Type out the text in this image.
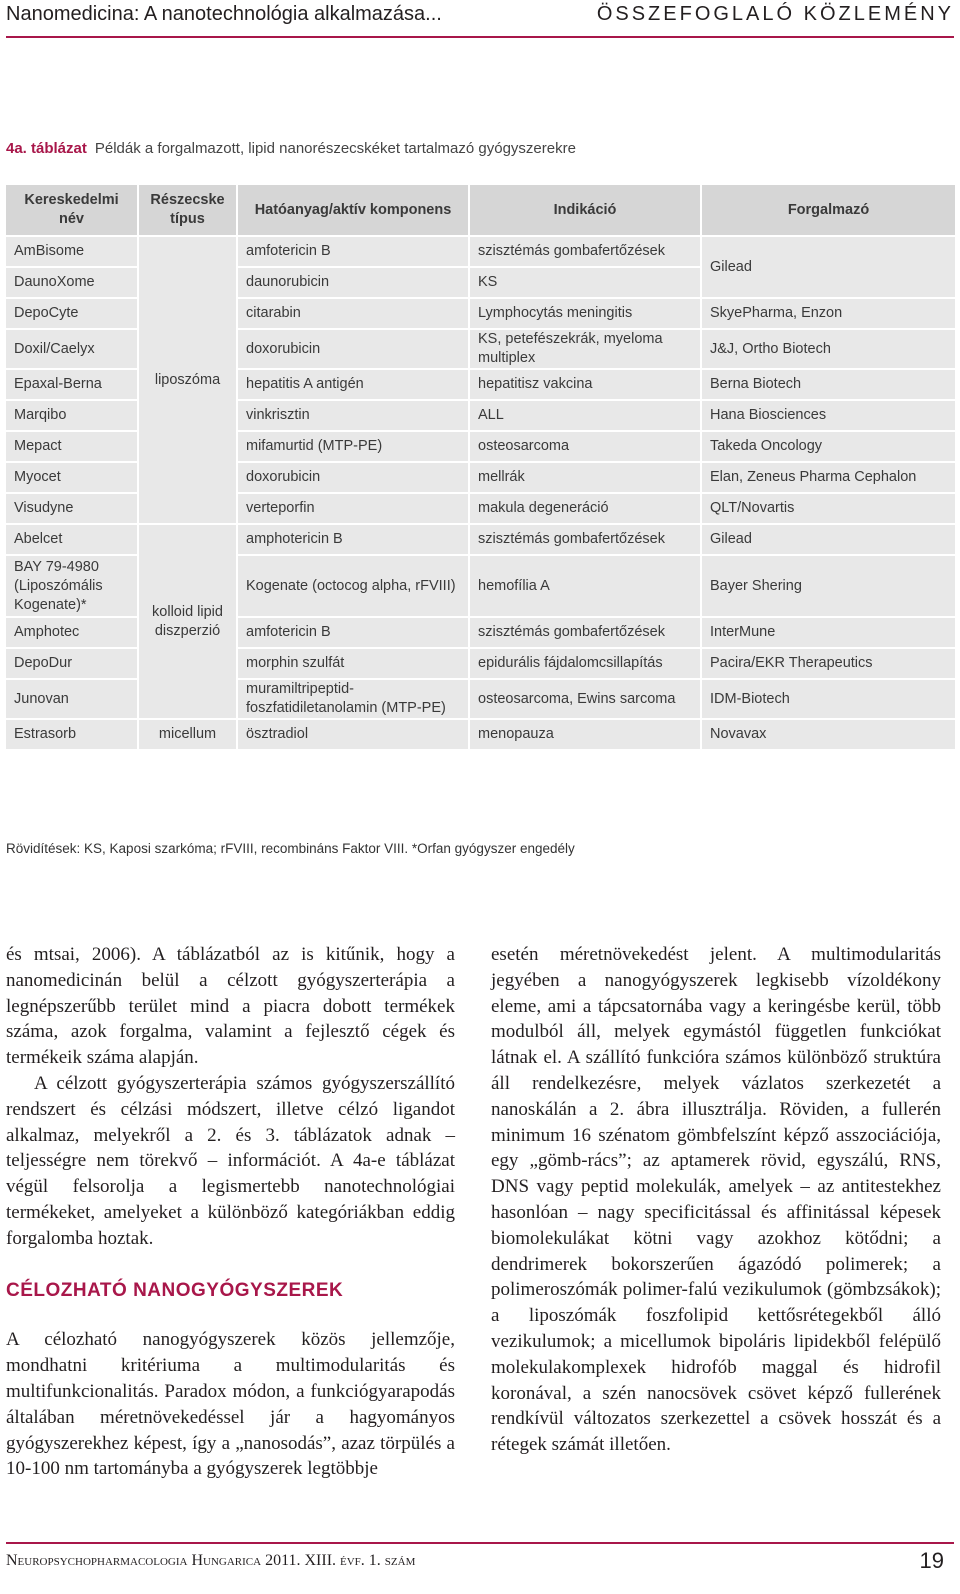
Nanomedicina: A nanotechnológia alkalmazása...	ÖSSZEFOGLALÓ KÖZLEMÉNY
4a. táblázat Példák a forgalmazott, lipid nanorészecskéket tartalmazó gyógyszerekre
Kereskedelmi név	Részecske típus	Hatóanyag/aktív komponens	Indikáció	Forgalmazó
AmBisome	liposzóma	amfotericin B	szisztémás gombafertőzések	Gilead
DaunoXome		daunorubicin	KS	
DepoCyte		citarabin	Lymphocytás meningitis	SkyePharma, Enzon
Doxil/Caelyx		doxorubicin	KS, petefészekrák, myeloma multiplex	J&J, Ortho Biotech
Epaxal-Berna		hepatitis A antigén	hepatitisz vakcina	Berna Biotech
Marqibo		vinkrisztin	ALL	Hana Biosciences
Mepact		mifamurtid (MTP-PE)	osteosarcoma	Takeda Oncology
Myocet		doxorubicin	mellrák	Elan, Zeneus Pharma Cephalon
Visudyne		verteporfin	makula degeneráció	QLT/Novartis
Abelcet	kolloid lipid diszperzió	amphotericin B	szisztémás gombafertőzések	Gilead
BAY 79-4980 (Liposzómális Kogenate)*		Kogenate (octocog alpha, rFVIII)	hemofília A	Bayer Shering
Amphotec		amfotericin B	szisztémás gombafertőzések	InterMune
DepoDur		morphin szulfát	epidurális fájdalomcsillapítás	Pacira/EKR Therapeutics
Junovan		muramiltripeptid-foszfatidiletanolamin (MTP-PE)	osteosarcoma, Ewins sarcoma	IDM-Biotech
Estrasorb	micellum	ösztradiol	menopauza	Novavax
Rövidítések: KS, Kaposi szarkóma; rFVIII, recombináns Faktor VIII. *Orfan gyógyszer engedély

és mtsai, 2006). A táblázatból az is kitűnik, hogy a nanomedicinán belül a célzott gyógyszerterápia a legnépszerűbb terület mind a piacra dobott termékek száma, azok forgalma, valamint a fejlesztő cégek és termékeik száma alapján.

A célzott gyógyszerterápia számos gyógyszerszállító rendszert és célzási módszert, illetve célzó ligandot alkalmaz, melyekről a 2. és 3. táblázatok adnak – teljességre nem törekvő – információt. A 4a-e táblázat végül felsorolja a legismertebb nanotechnológiai termékeket, amelyeket a különböző kategóriákban eddig forgalomba hoztak.

CÉLOZHATÓ NANOGYÓGYSZEREK

A célozható nanogyógyszerek közös jellemzője, mondhatni kritériuma a multimodularitás és multifunkcionalitás. Paradox módon, a funkciógyarapodás általában méretnövekedéssel jár a hagyományos gyógyszerekhez képest, így a „nanosodás”, azaz törpülés a 10-100 nm tartományba a gyógyszerek legtöbbje

esetén méretnövekedést jelent. A multimodularitás jegyében a nanogyógyszerek legkisebb vízoldékony eleme, ami a tápcsatornába vagy a keringésbe kerül, több modulból áll, melyek egymástól független funkciókat látnak el. A szállító funkcióra számos különböző struktúra áll rendelkezésre, melyek vázlatos szerkezetét a nanoskálán a 2. ábra illusztrálja. Röviden, a fullerén minimum 16 szénatom gömbfelszínt képző asszociációja, egy „gömb-rács”; az aptamerek rövid, egyszálú, RNS, DNS vagy peptid molekulák, amelyek – az antitestekhez hasonlóan – nagy specificitással és affinitással képesek biomolekulákat kötni vagy azokhoz kötődni; a dendrimerek bokorszerűen ágazódó polimerek; a polimeroszómák polimer-falú vezikulumok (gömbzsákok); a liposzómák foszfolipid kettősrétegekből álló vezikulumok; a micellumok bipoláris lipidekből felépülő molekulakomplexek hidrofób maggal és hidrofil koronával, a szén nanocsövek csövet képző fullerének rendkívül változatos szerkezettel a csövek hosszát és a rétegek számát illetően.

Neuropsychopharmacologia Hungarica 2011. XIII. évf. 1. szám	19
